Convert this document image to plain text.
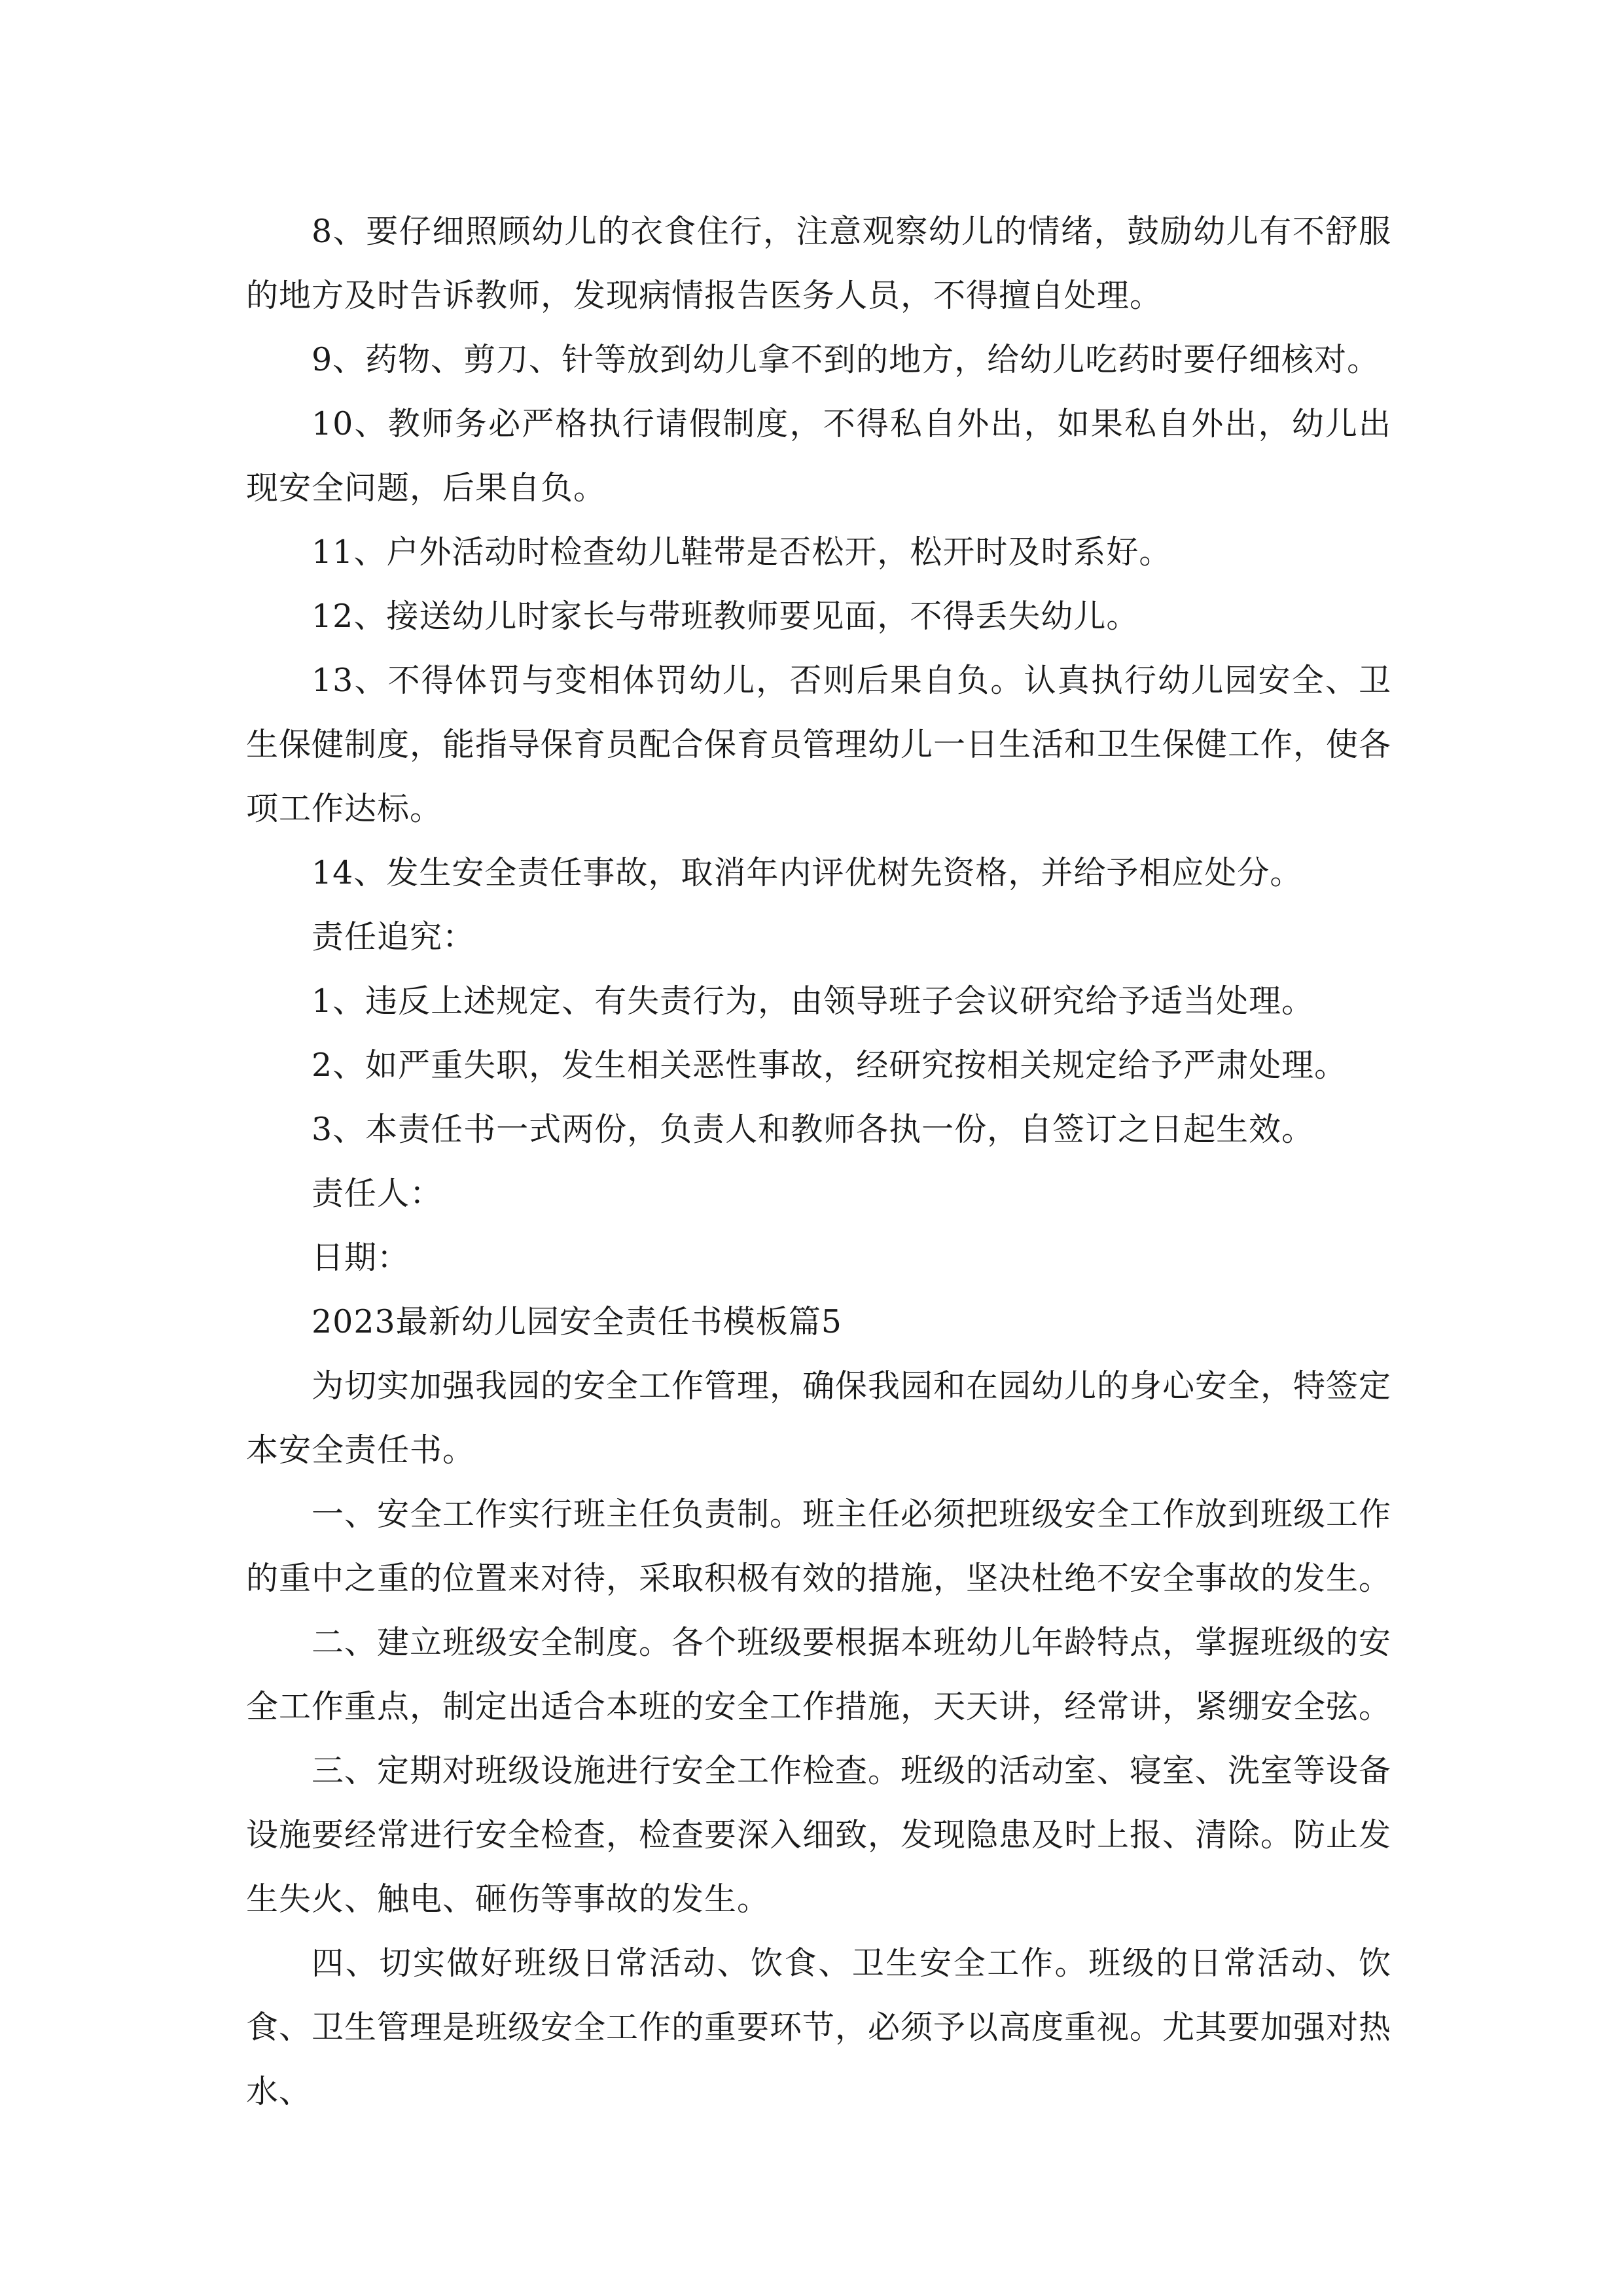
8、要仔细照顾幼儿的衣食住行，注意观察幼儿的情绪，鼓励幼儿有不舒服的地方及时告诉教师，发现病情报告医务人员，不得擅自处理。

9、药物、剪刀、针等放到幼儿拿不到的地方，给幼儿吃药时要仔细核对。

10、教师务必严格执行请假制度，不得私自外出，如果私自外出，幼儿出现安全问题，后果自负。

11、户外活动时检查幼儿鞋带是否松开，松开时及时系好。

12、接送幼儿时家长与带班教师要见面，不得丢失幼儿。

13、不得体罚与变相体罚幼儿，否则后果自负。认真执行幼儿园安全、卫生保健制度，能指导保育员配合保育员管理幼儿一日生活和卫生保健工作，使各项工作达标。

14、发生安全责任事故，取消年内评优树先资格，并给予相应处分。

责任追究：

1、违反上述规定、有失责行为，由领导班子会议研究给予适当处理。

2、如严重失职，发生相关恶性事故，经研究按相关规定给予严肃处理。

3、本责任书一式两份，负责人和教师各执一份，自签订之日起生效。

责任人：

日期：

2023最新幼儿园安全责任书模板篇5

为切实加强我园的安全工作管理，确保我园和在园幼儿的身心安全，特签定本安全责任书。

一、安全工作实行班主任负责制。班主任必须把班级安全工作放到班级工作的重中之重的位置来对待，采取积极有效的措施，坚决杜绝不安全事故的发生。

二、建立班级安全制度。各个班级要根据本班幼儿年龄特点，掌握班级的安全工作重点，制定出适合本班的安全工作措施，天天讲，经常讲，紧绷安全弦。

三、定期对班级设施进行安全工作检查。班级的活动室、寝室、洗室等设备设施要经常进行安全检查，检查要深入细致，发现隐患及时上报、清除。防止发生失火、触电、砸伤等事故的发生。

四、切实做好班级日常活动、饮食、卫生安全工作。班级的日常活动、饮食、卫生管理是班级安全工作的重要环节，必须予以高度重视。尤其要加强对热水、
